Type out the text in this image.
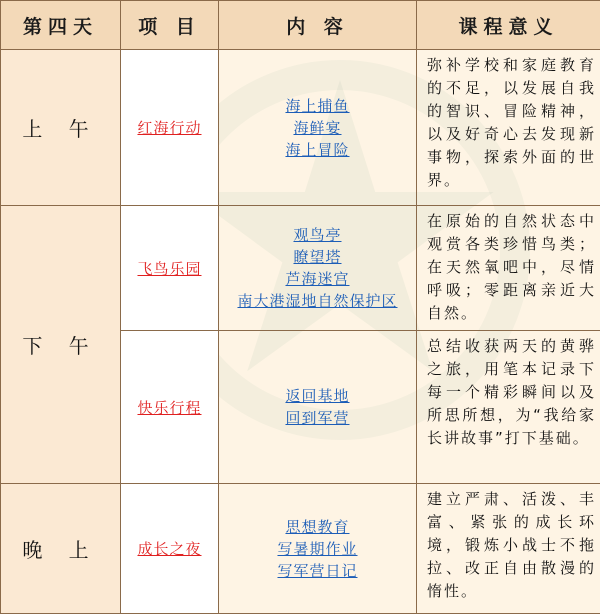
第四天	项 目	内 容	课程意义
上 午	红海行动	海上捕鱼
海鲜宴
海上冒险	弥补学校和家庭教育的不足，以发展自我的智识、冒险精神，以及好奇心去发现新事物，探索外面的世界。
下 午	飞鸟乐园	观鸟亭
瞭望塔
芦海迷宫
南大港湿地自然保护区	在原始的自然状态中观赏各类珍惜鸟类；在天然氧吧中，尽情呼吸；零距离亲近大自然。
	快乐行程	返回基地
回到军营	总结收获两天的黄骅之旅，用笔本记录下每一个精彩瞬间以及所思所想，为“我给家长讲故事”打下基础。
晚 上	成长之夜	思想教育
写暑期作业
写军营日记	建立严肃、活泼、丰富、紧张的成长环境，锻炼小战士不拖拉、改正自由散漫的惰性。
